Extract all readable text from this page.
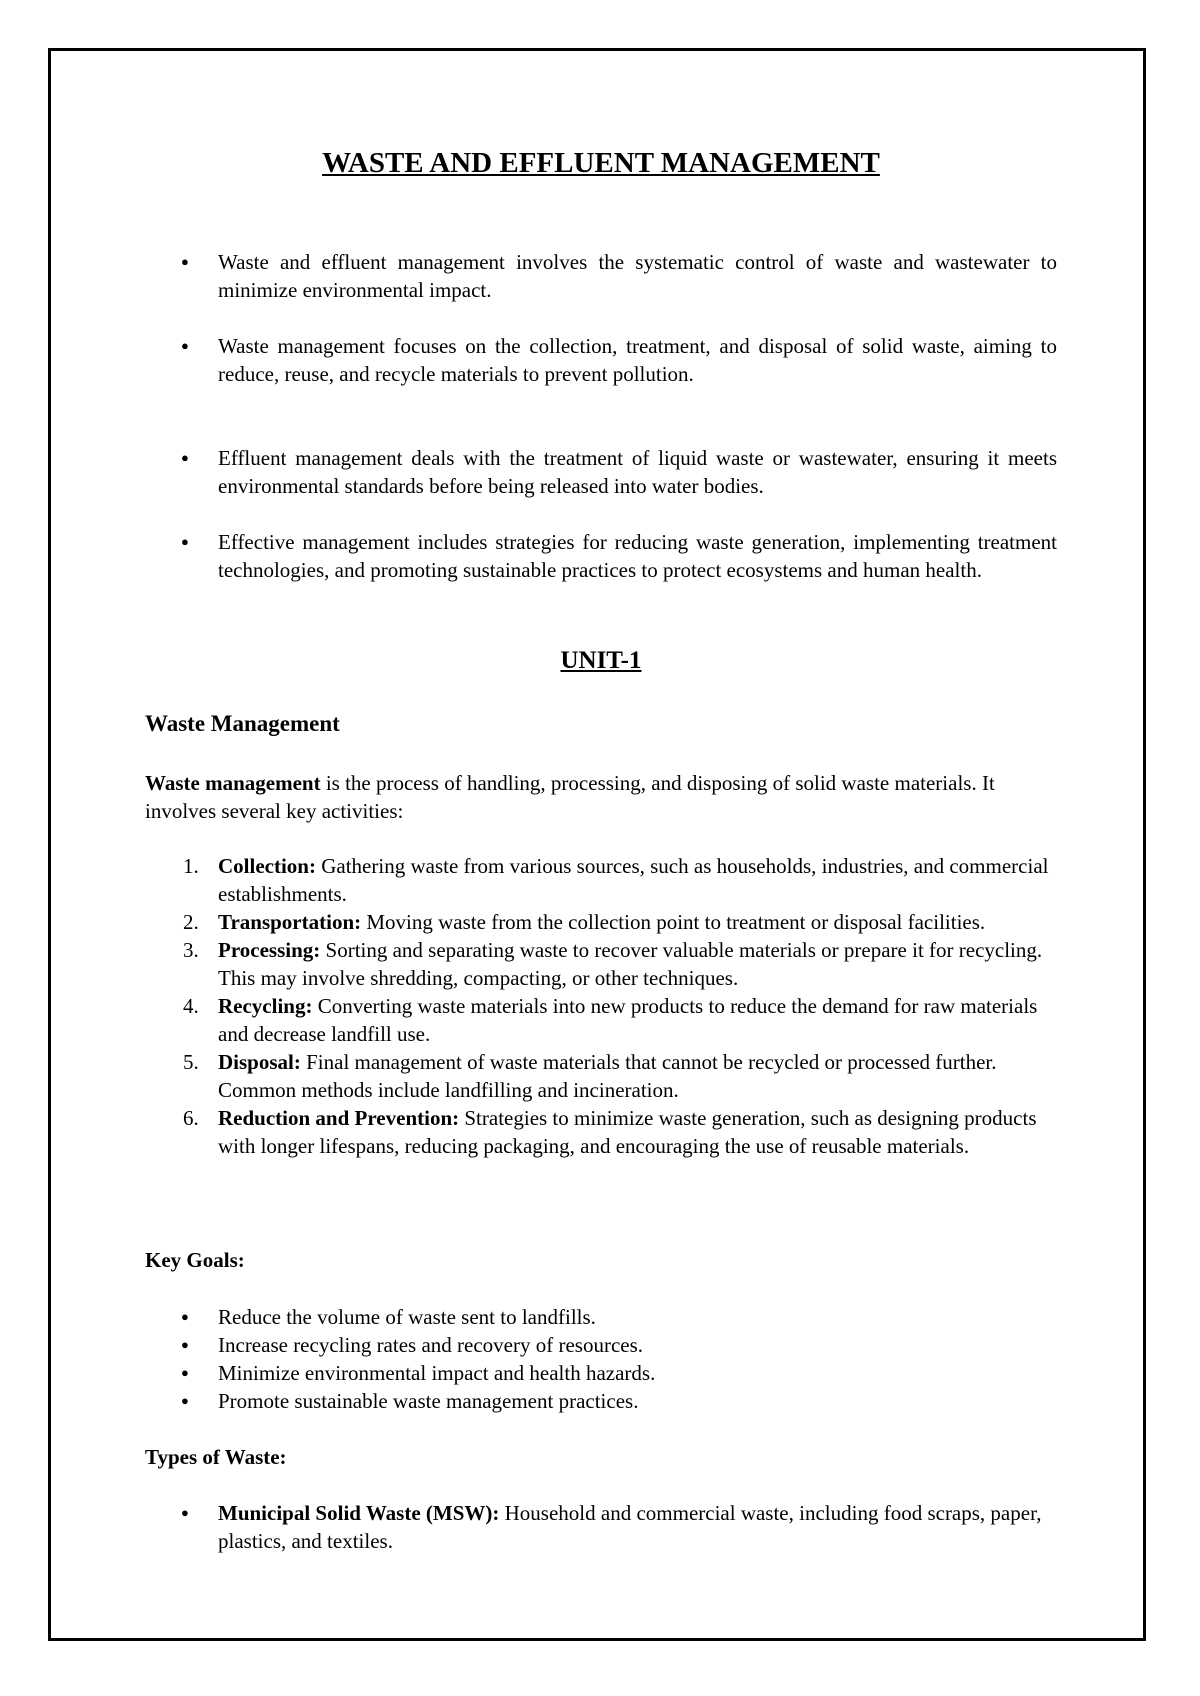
WASTE AND EFFLUENT MANAGEMENT
● Waste and effluent management involves the systematic control of waste and wastewater to minimize environmental impact.
● Waste management focuses on the collection, treatment, and disposal of solid waste, aiming to reduce, reuse, and recycle materials to prevent pollution.
● Effluent management deals with the treatment of liquid waste or wastewater, ensuring it meets environmental standards before being released into water bodies.
● Effective management includes strategies for reducing waste generation, implementing treatment technologies, and promoting sustainable practices to protect ecosystems and human health.
UNIT-1
Waste Management
Waste management is the process of handling, processing, and disposing of solid waste materials. It involves several key activities:
1. Collection: Gathering waste from various sources, such as households, industries, and commercial establishments.
2. Transportation: Moving waste from the collection point to treatment or disposal facilities.
3. Processing: Sorting and separating waste to recover valuable materials or prepare it for recycling. This may involve shredding, compacting, or other techniques.
4. Recycling: Converting waste materials into new products to reduce the demand for raw materials and decrease landfill use.
5. Disposal: Final management of waste materials that cannot be recycled or processed further. Common methods include landfilling and incineration.
6. Reduction and Prevention: Strategies to minimize waste generation, such as designing products with longer lifespans, reducing packaging, and encouraging the use of reusable materials.
Key Goals:
● Reduce the volume of waste sent to landfills.
● Increase recycling rates and recovery of resources.
● Minimize environmental impact and health hazards.
● Promote sustainable waste management practices.
Types of Waste:
● Municipal Solid Waste (MSW): Household and commercial waste, including food scraps, paper, plastics, and textiles.
